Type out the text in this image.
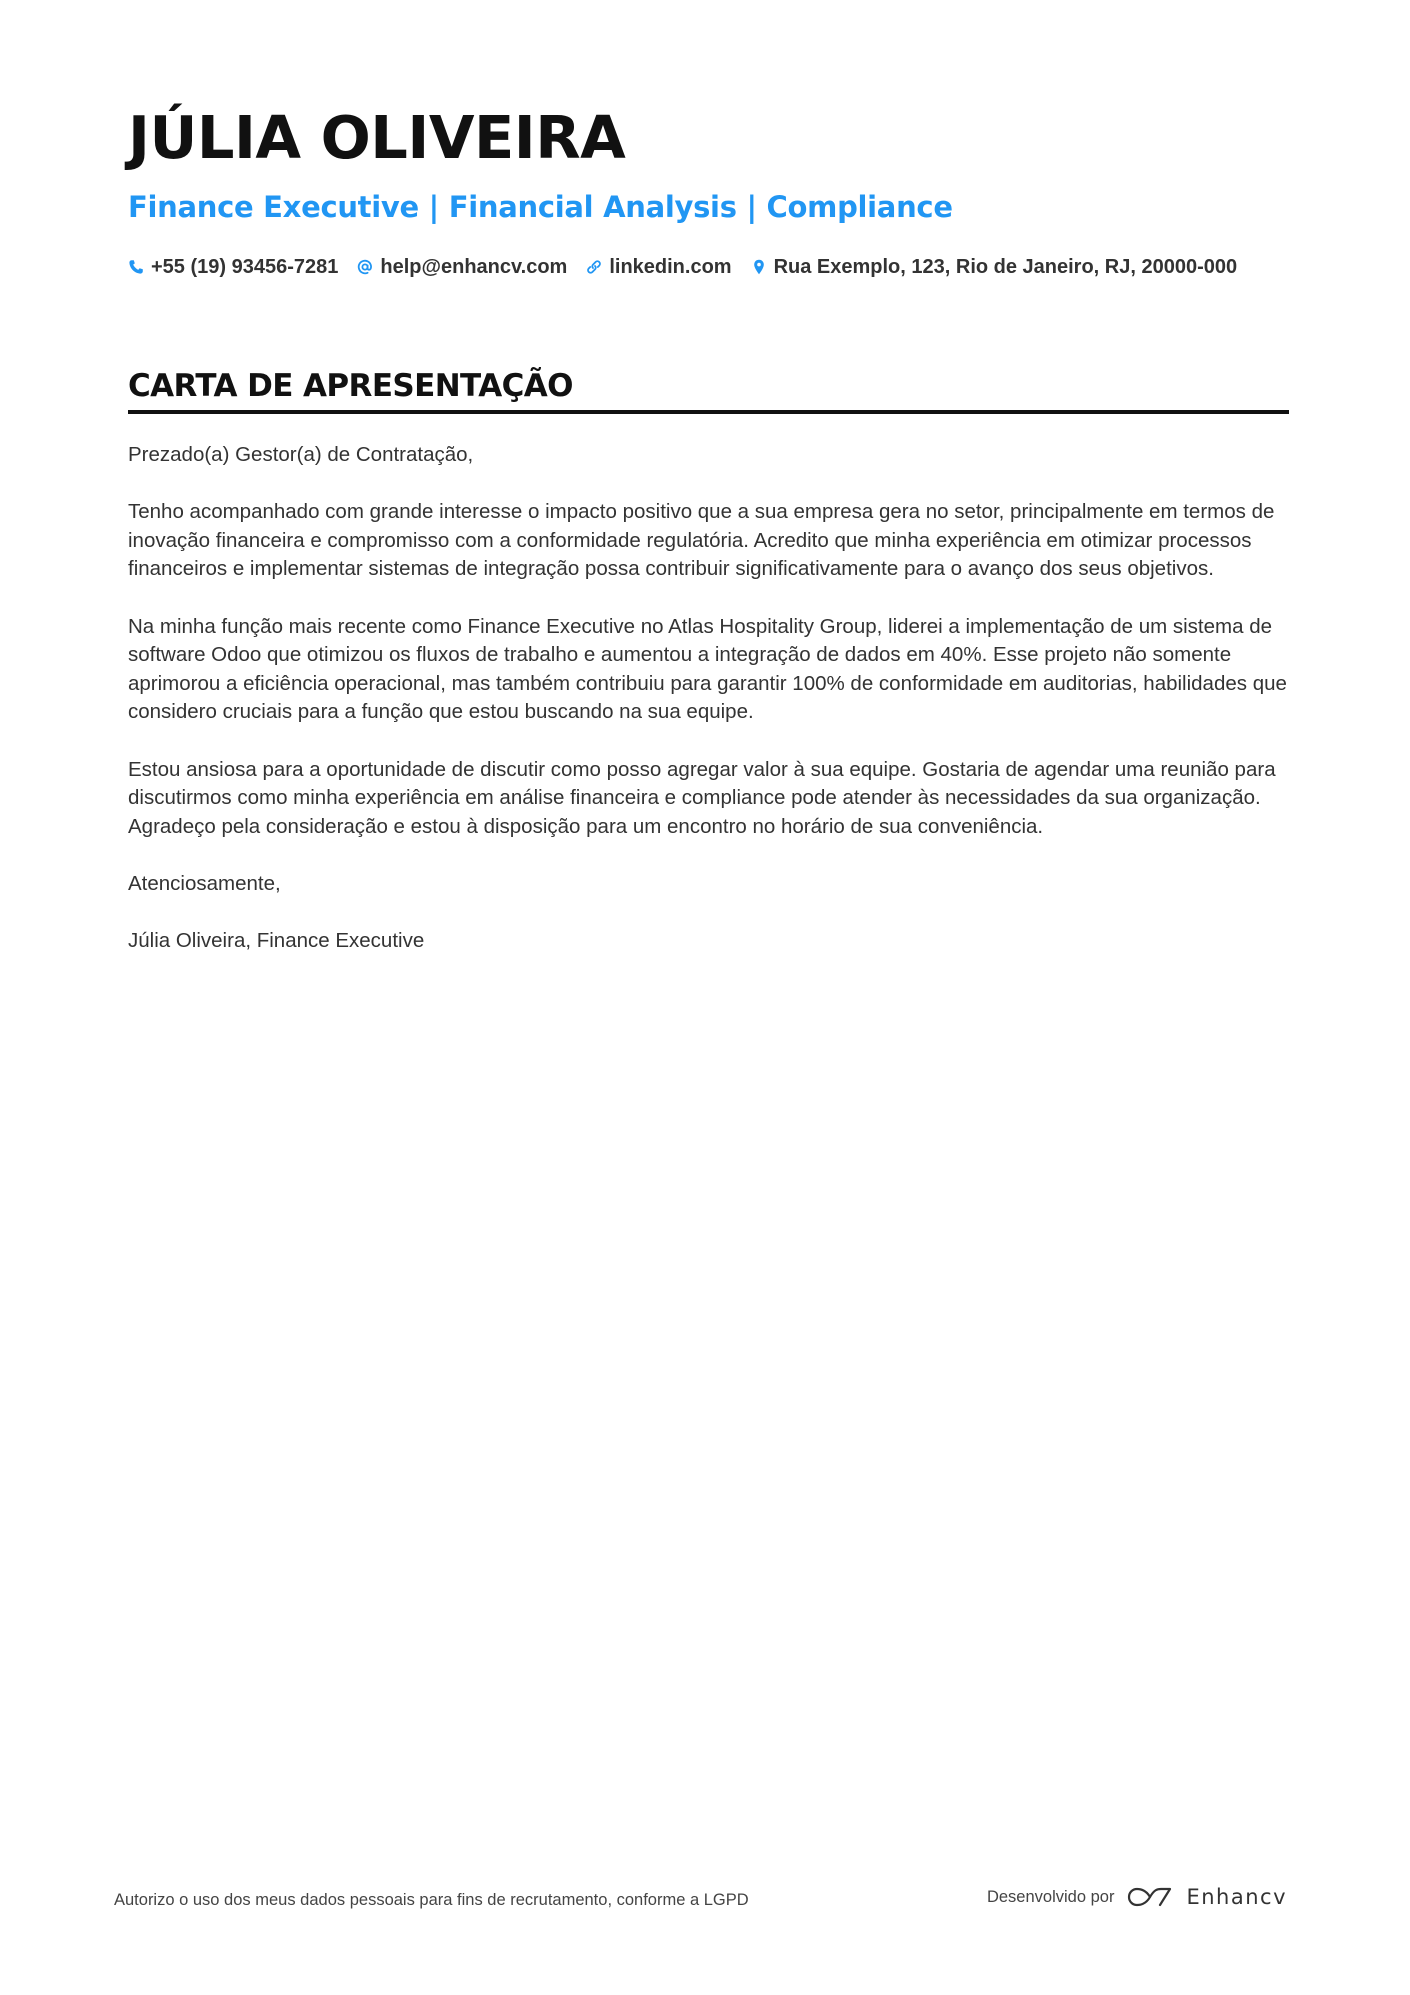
JÚLIA OLIVEIRA
Finance Executive | Financial Analysis | Compliance
+55 (19) 93456-7281 help@enhancv.com linkedin.com Rua Exemplo, 123, Rio de Janeiro, RJ, 20000-000
CARTA DE APRESENTAÇÃO

Prezado(a) Gestor(a) de Contratação,

Tenho acompanhado com grande interesse o impacto positivo que a sua empresa gera no setor, principalmente em termos de inovação financeira e compromisso com a conformidade regulatória. Acredito que minha experiência em otimizar processos financeiros e implementar sistemas de integração possa contribuir significativamente para o avanço dos seus objetivos.

Na minha função mais recente como Finance Executive no Atlas Hospitality Group, liderei a implementação de um sistema de software Odoo que otimizou os fluxos de trabalho e aumentou a integração de dados em 40%. Esse projeto não somente aprimorou a eficiência operacional, mas também contribuiu para garantir 100% de conformidade em auditorias, habilidades que considero cruciais para a função que estou buscando na sua equipe.

Estou ansiosa para a oportunidade de discutir como posso agregar valor à sua equipe. Gostaria de agendar uma reunião para discutirmos como minha experiência em análise financeira e compliance pode atender às necessidades da sua organização. Agradeço pela consideração e estou à disposição para um encontro no horário de sua conveniência.

Atenciosamente,

Júlia Oliveira, Finance Executive

Autorizo o uso dos meus dados pessoais para fins de recrutamento, conforme a LGPD	Desenvolvido por	Enhancv
